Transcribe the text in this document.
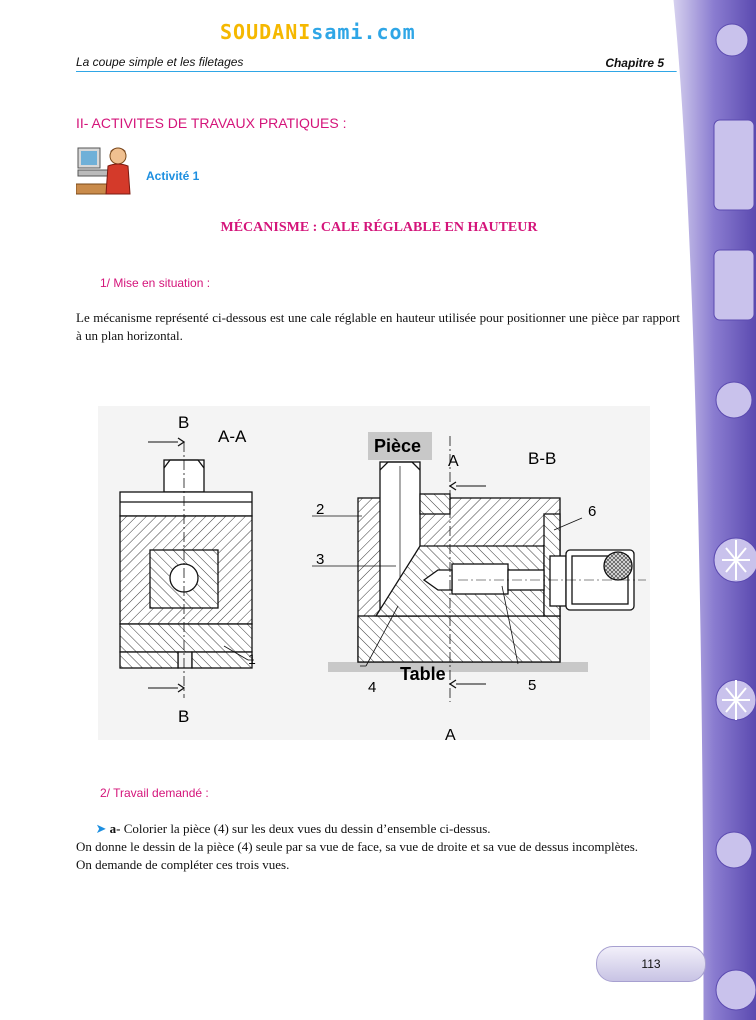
SOUDANIsami.com
La coupe simple et les filetages	Chapitre 5
II- ACTIVITES DE TRAVAUX PRATIQUES :
Activité 1
MÉCANISME : CALE RÉGLABLE EN HAUTEUR
1/ Mise en situation :
Le mécanisme représenté ci-dessous est une cale réglable en hauteur utilisée pour positionner une pièce par rapport à un plan horizontal.
B
A-A
B
1
Pièce
A	B-B
2
3
6
Table
4	5
A
2/ Travail demandé :
➤ a- Colorier la pièce (4) sur les deux vues du dessin d’ensemble ci-dessus.
On donne le dessin de la pièce (4) seule par sa vue de face, sa vue de droite et sa vue de dessus incomplètes.
On demande de compléter ces trois vues.
113
